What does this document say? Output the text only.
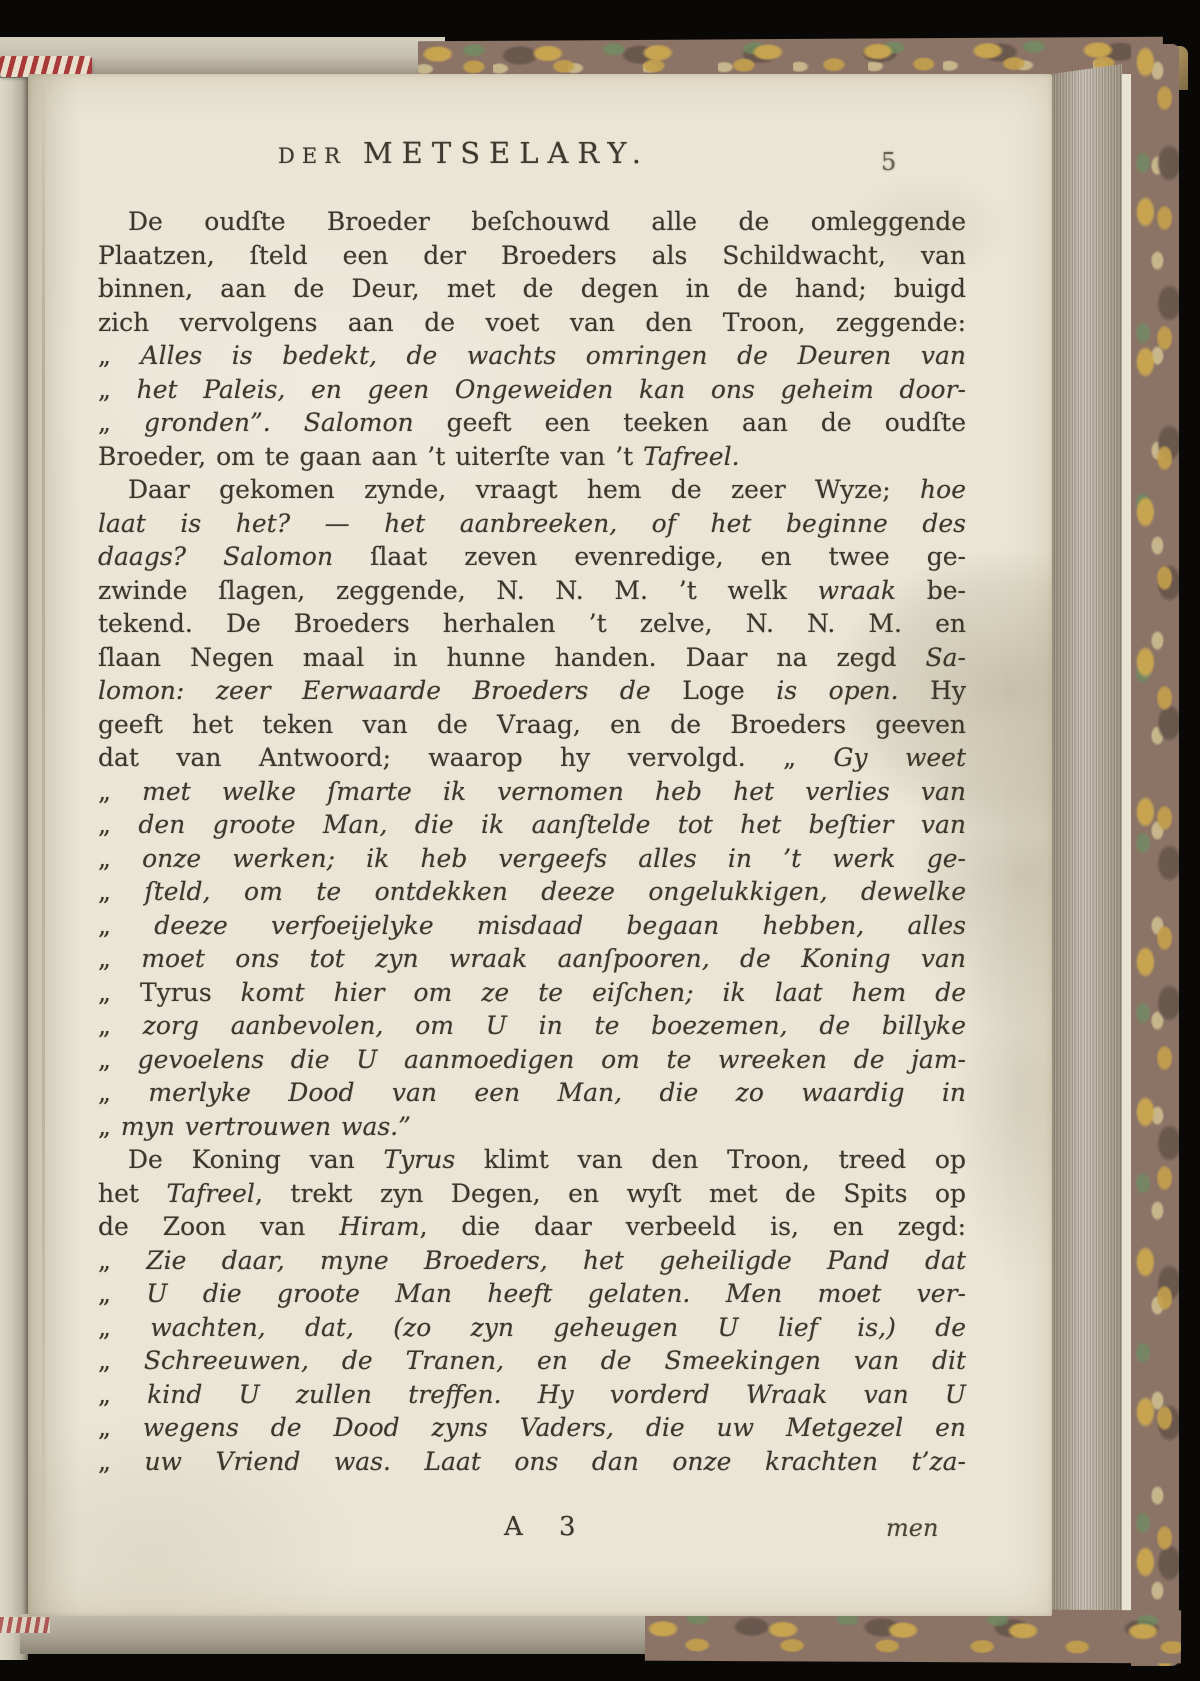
DER METSELARY.	5
De oudſte Broeder beſchouwd alle de omleggende
Plaatzen, ſteld een der Broeders als Schildwacht, van
binnen, aan de Deur, met de degen in de hand; buigd
zich vervolgens aan de voet van den Troon, zeggende:
„ Alles is bedekt, de wachts omringen de Deuren van
„ het Paleis, en geen Ongeweiden kan ons geheim door-
„ gronden”. Salomon geeft een teeken aan de oudſte
Broeder, om te gaan aan ’t uiterſte van ’t Tafreel.
Daar gekomen zynde, vraagt hem de zeer Wyze; hoe
laat is het? — het aanbreeken, of het beginne des
daags? Salomon ſlaat zeven evenredige, en twee ge-
zwinde ſlagen, zeggende, N. N. M. ’t welk wraak be-
tekend. De Broeders herhalen ’t zelve, N. N. M. en
ſlaan Negen maal in hunne handen. Daar na zegd Sa-
lomon: zeer Eerwaarde Broeders de Loge is open. Hy
geeft het teken van de Vraag, en de Broeders geeven
dat van Antwoord; waarop hy vervolgd. „ Gy weet
„ met welke ſmarte ik vernomen heb het verlies van
„ den groote Man, die ik aanſtelde tot het beſtier van
„ onze werken; ik heb vergeefs alles in ’t werk ge-
„ ſteld, om te ontdekken deeze ongelukkigen, dewelke
„ deeze verfoeijelyke misdaad begaan hebben, alles
„ moet ons tot zyn wraak aanſpooren, de Koning van
„ Tyrus komt hier om ze te eiſchen; ik laat hem de
„ zorg aanbevolen, om U in te boezemen, de billyke
„ gevoelens die U aanmoedigen om te wreeken de jam-
„ merlyke Dood van een Man, die zo waardig in
„ myn vertrouwen was.”
De Koning van Tyrus klimt van den Troon, treed op
het Tafreel, trekt zyn Degen, en wyſt met de Spits op
de Zoon van Hiram, die daar verbeeld is, en zegd:
„ Zie daar, myne Broeders, het geheiligde Pand dat
„ U die groote Man heeft gelaten. Men moet ver-
„ wachten, dat, (zo zyn geheugen U lief is,) de
„ Schreeuwen, de Tranen, en de Smeekingen van dit
„ kind U zullen treffen. Hy vorderd Wraak van U
„ wegens de Dood zyns Vaders, die uw Metgezel en
„ uw Vriend was. Laat ons dan onze krachten t’za-
A 3	men
